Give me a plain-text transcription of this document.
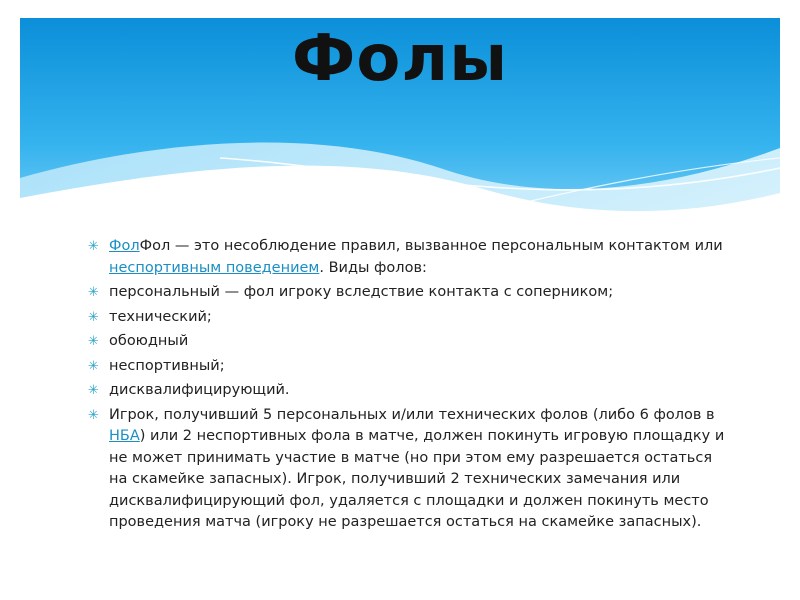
Фолы
✳ ФолФол — это несоблюдение правил, вызванное персональным контактом или неспортивным поведением. Виды фолов:
✳ персональный — фол игроку вследствие контакта с соперником;
✳ технический;
✳ обоюдный
✳ неспортивный;
✳ дисквалифицирующий.
✳ Игрок, получивший 5 персональных и/или технических фолов (либо 6 фолов в НБА) или 2 неспортивных фола в матче, должен покинуть игровую площадку и не может принимать участие в матче (но при этом ему разрешается остаться на скамейке запасных). Игрок, получивший 2 технических замечания или дисквалифицирующий фол, удаляется с площадки и должен покинуть место проведения матча (игроку не разрешается остаться на скамейке запасных).
